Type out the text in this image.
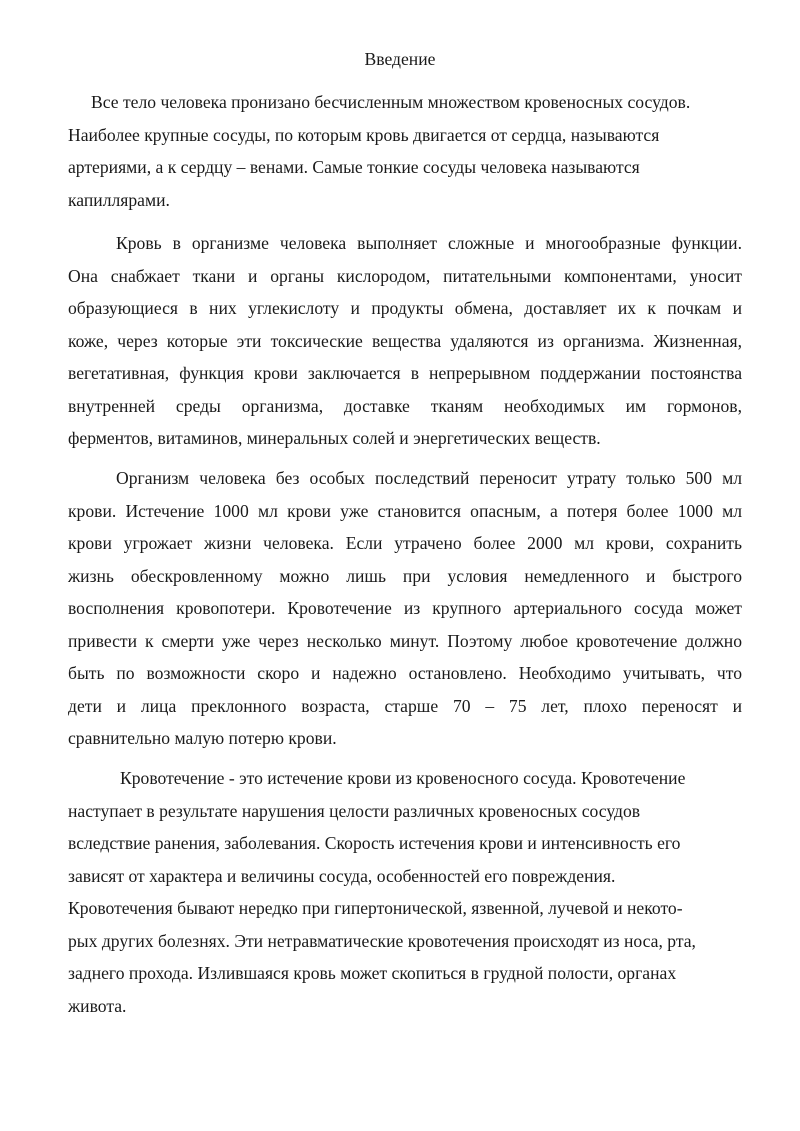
Введение
Все тело человека пронизано бесчисленным множеством кровеносных сосудов.
Наиболее крупные сосуды, по которым кровь двигается от сердца, называются
артериями, а к сердцу – венами. Самые тонкие сосуды человека называются
капиллярами.
Кровь в организме человека выполняет сложные и многообразные функции.
Она снабжает ткани и органы кислородом, питательными компонентами, уносит
образующиеся в них углекислоту и продукты обмена, доставляет их к почкам и
коже, через которые эти токсические вещества удаляются из организма. Жизненная,
вегетативная, функция крови заключается в непрерывном поддержании постоянства
внутренней среды организма, доставке тканям необходимых им гормонов,
ферментов, витаминов, минеральных солей и энергетических веществ.
Организм человека без особых последствий переносит утрату только 500 мл
крови. Истечение 1000 мл крови уже становится опасным, а потеря более 1000 мл
крови угрожает жизни человека. Если утрачено более 2000 мл крови, сохранить
жизнь обескровленному можно лишь при условия немедленного и быстрого
восполнения кровопотери. Кровотечение из крупного артериального сосуда может
привести к смерти уже через несколько минут. Поэтому любое кровотечение должно
быть по возможности скоро и надежно остановлено. Необходимо учитывать, что
дети и лица преклонного возраста, старше 70 – 75 лет, плохо переносят и
сравнительно малую потерю крови.
Кровотечение - это истечение крови из кровеносного сосуда. Кровотечение
наступает в результате нарушения целости различных кровеносных сосудов
вследствие ранения, заболевания. Скорость истечения крови и интенсивность его
зависят от характера и величины сосуда, особенностей его повреждения.
Кровотечения бывают нередко при гипертонической, язвенной, лучевой и некото-
рых других болезнях. Эти нетравматические кровотечения происходят из носа, рта,
заднего прохода. Излившаяся кровь может скопиться в грудной полости, органах
живота.
